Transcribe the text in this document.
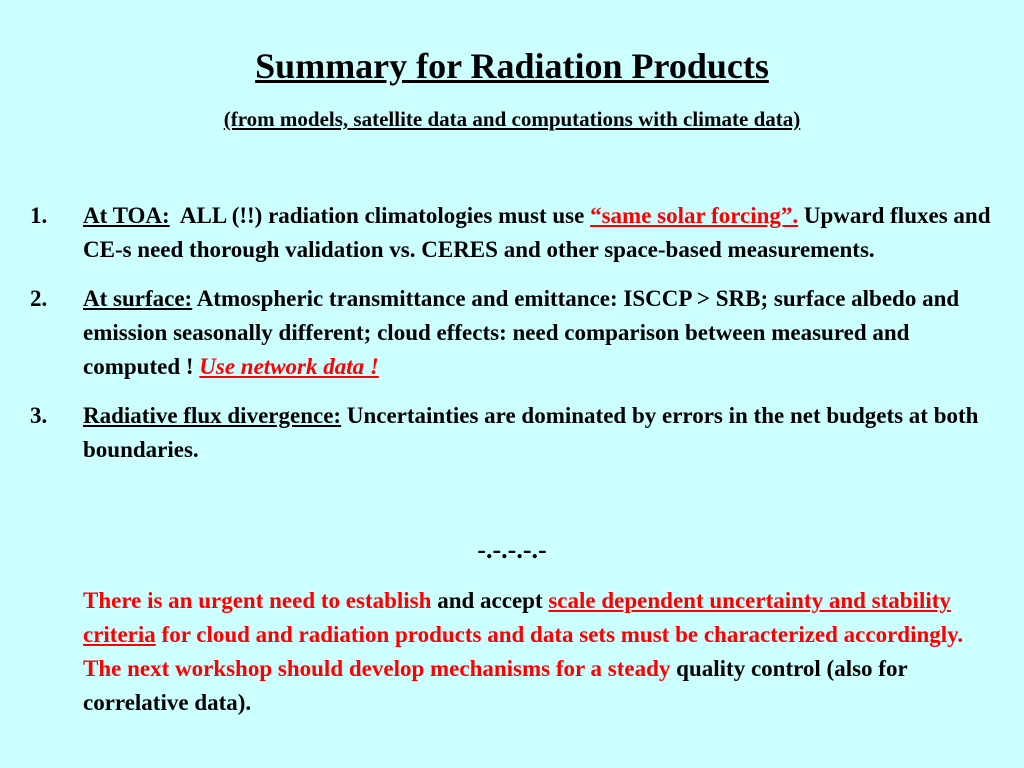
Summary for Radiation Products
(from models, satellite data and computations with climate data)
1. At TOA:  ALL (!!) radiation climatologies must use “same solar forcing”. Upward fluxes and CE-s need thorough validation vs. CERES and other space-based measurements.
2. At surface: Atmospheric transmittance and emittance: ISCCP > SRB; surface albedo and emission seasonally different; cloud effects: need comparison between measured and computed ! Use network data !
3. Radiative flux divergence: Uncertainties are dominated by errors in the net budgets at both boundaries.
-.-.-.-.-
There is an urgent need to establish and accept scale dependent uncertainty and stability criteria for cloud and radiation products and data sets must be characterized accordingly. The next workshop should develop mechanisms for a steady quality control (also for correlative data).
